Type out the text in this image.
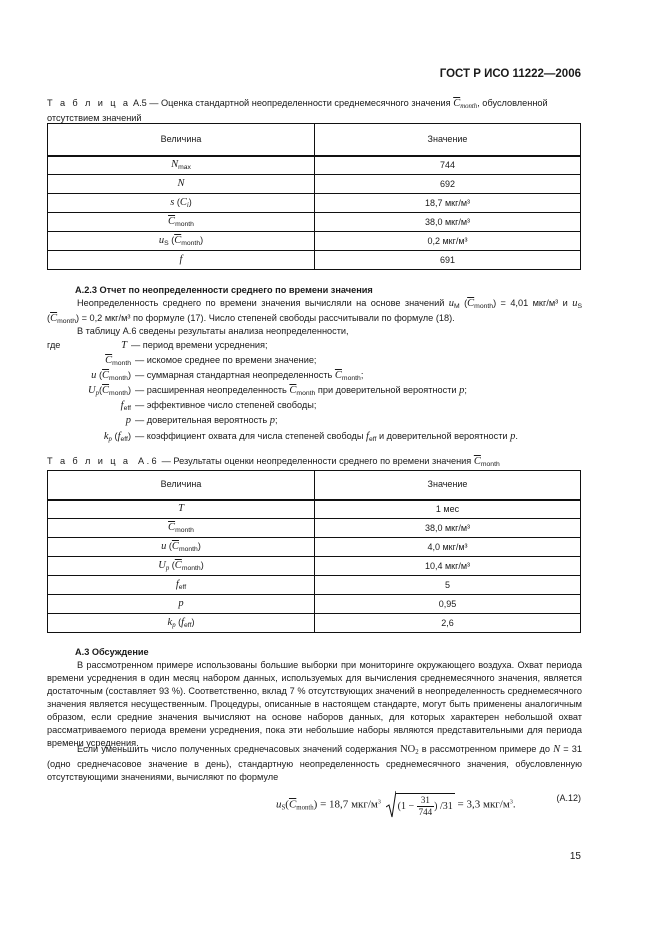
ГОСТ Р ИСО 11222—2006
Т а б л и ц а А.5 — Оценка стандартной неопределенности среднемесячного значения $\overline{C}_{month}$, обусловленной
отсутствием значений
Величина	Значение
$N_{max}$	744
N	692
s $(C_i)$	18,7 мкг/м³
$\overline{C}_{month}$	38,0 мкг/м³
$u_S$ $(\overline{C}_{month})$	0,2 мкг/м³
f	691
А.2.3 Отчет по неопределенности среднего по времени значения
Неопределенность среднего по времени значения вычисляли на основе значений $u_M$ $(\overline{C}_{month}) = 4,01$ мкг/м³ и $u_S$ $(\overline{C}_{month}) = 0,2$ мкг/м³ по формуле (17). Число степеней свободы рассчитывали по формуле (18).
В таблицу А.6 сведены результаты анализа неопределенности,
где	T — период времени усреднения;
$\overline{C}_{month}$ — искомое среднее по времени значение;
u $(\overline{C}_{month})$ — суммарная стандартная неопределенность $\overline{C}_{month}$;
$U_p(\overline{C}_{month})$ — расширенная неопределенность $\overline{C}_{month}$ при доверительной вероятности p;
$f_{eff}$ — эффективное число степеней свободы;
p — доверительная вероятность p;
$k_p$ $(f_{eff})$ — коэффициент охвата для числа степеней свободы $f_{eff}$ и доверительной вероятности p.
Т а б л и ц а А.6 — Результаты оценки неопределенности среднего по времени значения $\overline{C}_{month}$
Величина	Значение
T	1 мес
$\overline{C}_{month}$	38,0 мкг/м³
u $(\overline{C}_{month})$	4,0 мкг/м³
$U_p$ $(\overline{C}_{month})$	10,4 мкг/м³
$f_{eff}$	5
p	0,95
$k_p$ $(f_{eff})$	2,6
А.3 Обсуждение
В рассмотренном примере использованы большие выборки при мониторинге окружающего воздуха. Охват периода времени усреднения в один месяц набором данных, используемых для вычисления среднемесячного значения, является достаточным (составляет 93 %). Соответственно, вклад 7 % отсутствующих значений в неопределенность среднемесячного значения является несущественным. Процедуры, описанные в настоящем стандарте, могут быть применены аналогичным образом, если средние значения вычисляют на основе наборов данных, для которых характерен небольшой охват рассматриваемого периода времени усреднения, пока эти небольшие наборы являются представительными для периода времени усреднения.
Если уменьшить число полученных среднечасовых значений содержания $NO_2$ в рассмотренном примере до N = 31 (одно среднечасовое значение в день), стандартную неопределенность среднемесячного значения, обусловленную отсутствующими значениями, вычисляют по формуле
$u_S(\overline{C}_{month}) = 18,7$ мкг/$м^3$ ($1 - \frac{31}{744}$ ) /31 = 3,3 мкг/$м^3$.
(А.12)
15
